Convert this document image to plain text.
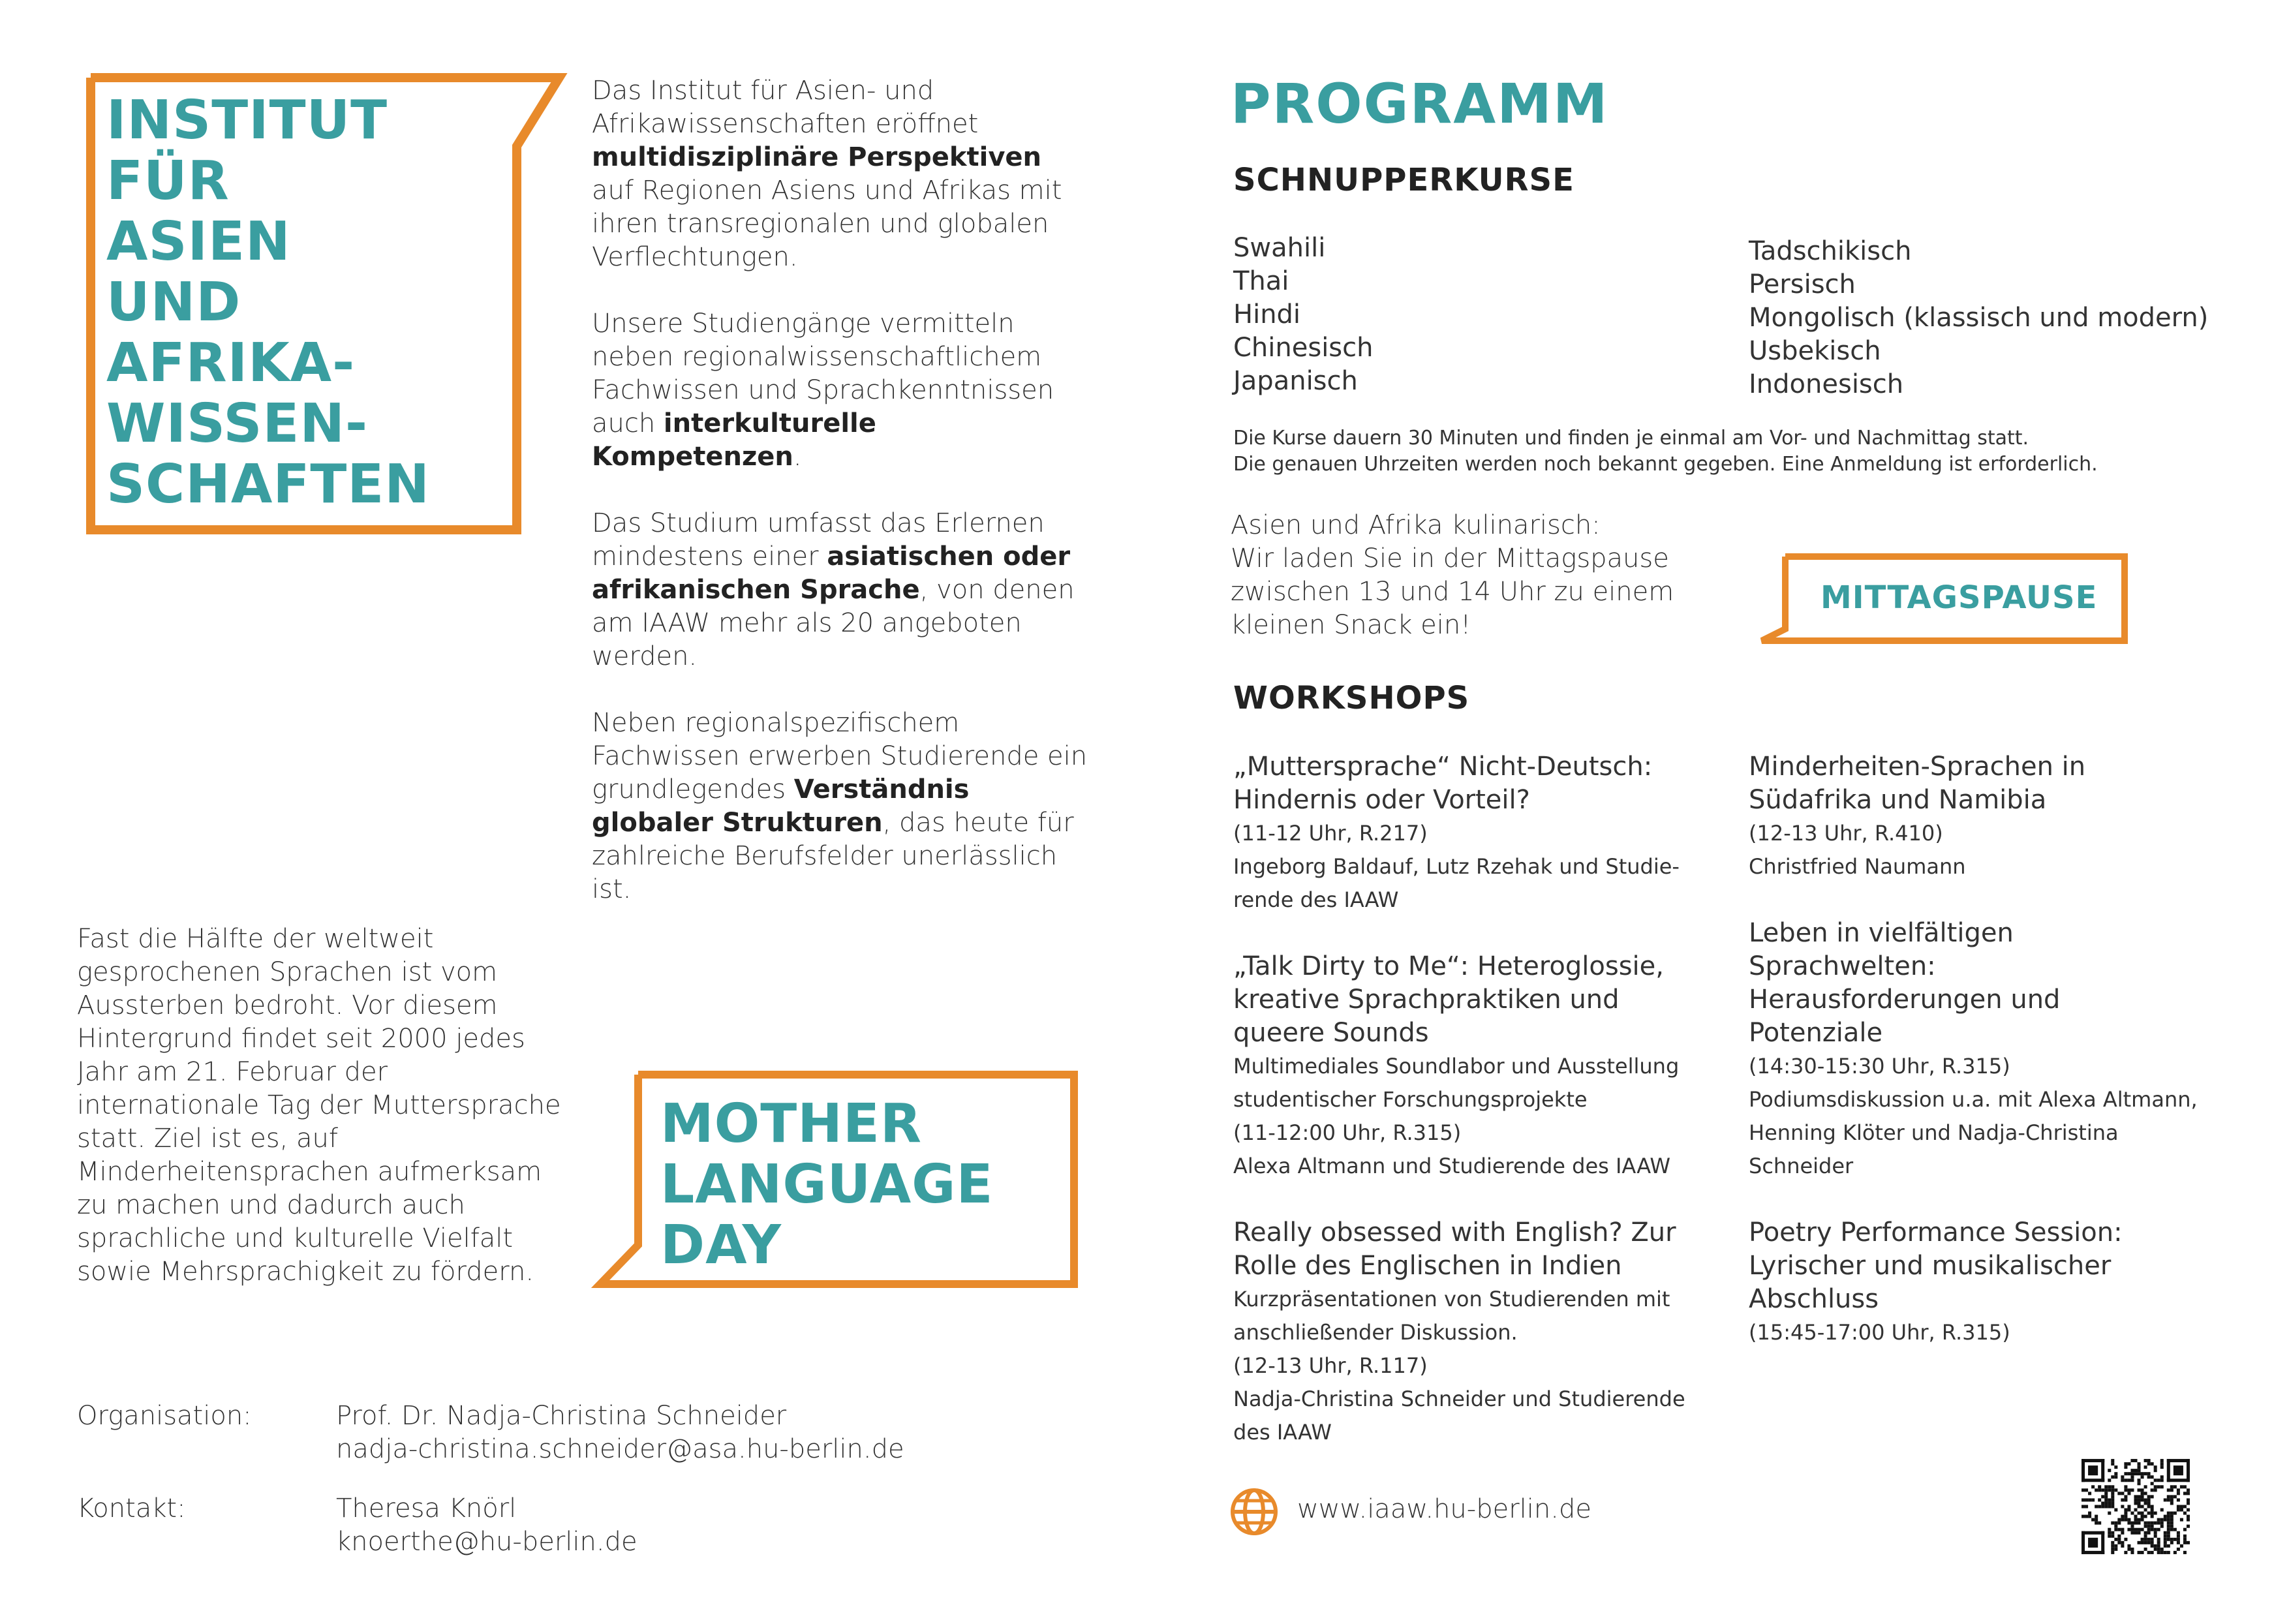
INSTITUT
FÜR
ASIEN
UND
AFRIKA-
WISSEN-
SCHAFTEN

Das Institut für Asien- und Afrikawissenschaften eröffnet multidisziplinäre Perspektiven auf Regionen Asiens und Afrikas mit ihren transregionalen und globalen Verflechtungen.

Unsere Studiengänge vermitteln neben regionalwissenschaftlichem Fachwissen und Sprachkenntnissen auch interkulturelle Kompetenzen.

Das Studium umfasst das Erlernen mindestens einer asiatischen oder afrikanischen Sprache, von denen am IAAW mehr als 20 angeboten werden.

Neben regionalspezifischem Fachwissen erwerben Studierende ein grundlegendes Verständnis globaler Strukturen, das heute für zahlreiche Berufsfelder unerlässlich ist.

Fast die Hälfte der weltweit gesprochenen Sprachen ist vom Aussterben bedroht. Vor diesem Hintergrund findet seit 2000 jedes Jahr am 21. Februar der internationale Tag der Muttersprache statt. Ziel ist es, auf Minderheitensprachen aufmerksam zu machen und dadurch auch sprachliche und kulturelle Vielfalt sowie Mehrsprachigkeit zu fördern.
MOTHER
LANGUAGE
DAY
Organisation:	Prof. Dr. Nadja-Christina Schneider
nadja-christina.schneider@asa.hu-berlin.de
Kontakt:	Theresa Knörl
knoerthe@hu-berlin.de
PROGRAMM
SCHNUPPERKURSE
Swahili
Thai
Hindi
Chinesisch
Japanisch
Tadschikisch
Persisch
Mongolisch (klassisch und modern)
Usbekisch
Indonesisch
Die Kurse dauern 30 Minuten und finden je einmal am Vor- und Nachmittag statt.
Die genauen Uhrzeiten werden noch bekannt gegeben. Eine Anmeldung ist erforderlich.
Asien und Afrika kulinarisch:
Wir laden Sie in der Mittagspause
zwischen 13 und 14 Uhr zu einem
kleinen Snack ein!
MITTAGSPAUSE
WORKSHOPS
„Muttersprache“ Nicht-Deutsch:
Hindernis oder Vorteil?
(11-12 Uhr, R.217)
Ingeborg Baldauf, Lutz Rzehak und Studie-
rende des IAAW
„Talk Dirty to Me“: Heteroglossie,
kreative Sprachpraktiken und
queere Sounds
Multimediales Soundlabor und Ausstellung
studentischer Forschungsprojekte
(11-12:00 Uhr, R.315)
Alexa Altmann und Studierende des IAAW
Really obsessed with English? Zur
Rolle des Englischen in Indien
Kurzpräsentationen von Studierenden mit
anschließender Diskussion.
(12-13 Uhr, R.117)
Nadja-Christina Schneider und Studierende
des IAAW
Minderheiten-Sprachen in
Südafrika und Namibia
(12-13 Uhr, R.410)
Christfried Naumann
Leben in vielfältigen
Sprachwelten:
Herausforderungen und
Potenziale
(14:30-15:30 Uhr, R.315)
Podiumsdiskussion u.a. mit Alexa Altmann,
Henning Klöter und Nadja-Christina
Schneider
Poetry Performance Session:
Lyrischer und musikalischer
Abschluss
(15:45-17:00 Uhr, R.315)
www.iaaw.hu-berlin.de
